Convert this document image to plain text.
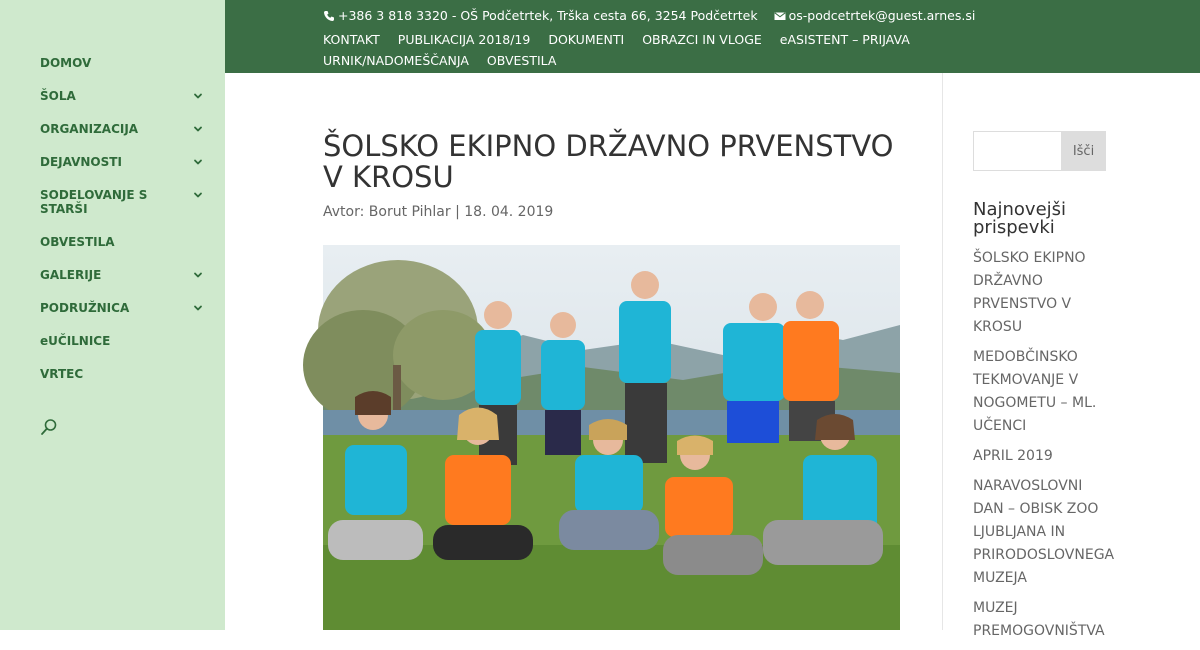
DOMOV
ŠOLA
ORGANIZACIJA
DEJAVNOSTI
SODELOVANJE S STARŠI
OBVESTILA
GALERIJE
PODRUŽNICA
eUČILNICE
VRTEC
+386 3 818 3320 - OŠ Podčetrtek, Trška cesta 66, 3254 Podčetrtek os-podcetrtek@guest.arnes.si
KONTAKT PUBLIKACIJA 2018/19 DOKUMENTI OBRAZCI IN VLOGE eASISTENT – PRIJAVAURNIK/NADOMEŠČANJA OBVESTILA
ŠOLSKO EKIPNO DRŽAVNO PRVENSTVO V KROSU
Avtor: Borut Pihlar | 18. 04. 2019
Išči
Najnovejši prispevki
ŠOLSKO EKIPNO DRŽAVNO PRVENSTVO V KROSU
MEDOBČINSKO TEKMOVANJE V NOGOMETU – ML. UČENCI
APRIL 2019
NARAVOSLOVNI DAN – OBISK ZOO LJUBLJANA IN PRIRODOSLOVNEGA MUZEJA
MUZEJ PREMOGOVNIŠTVA
